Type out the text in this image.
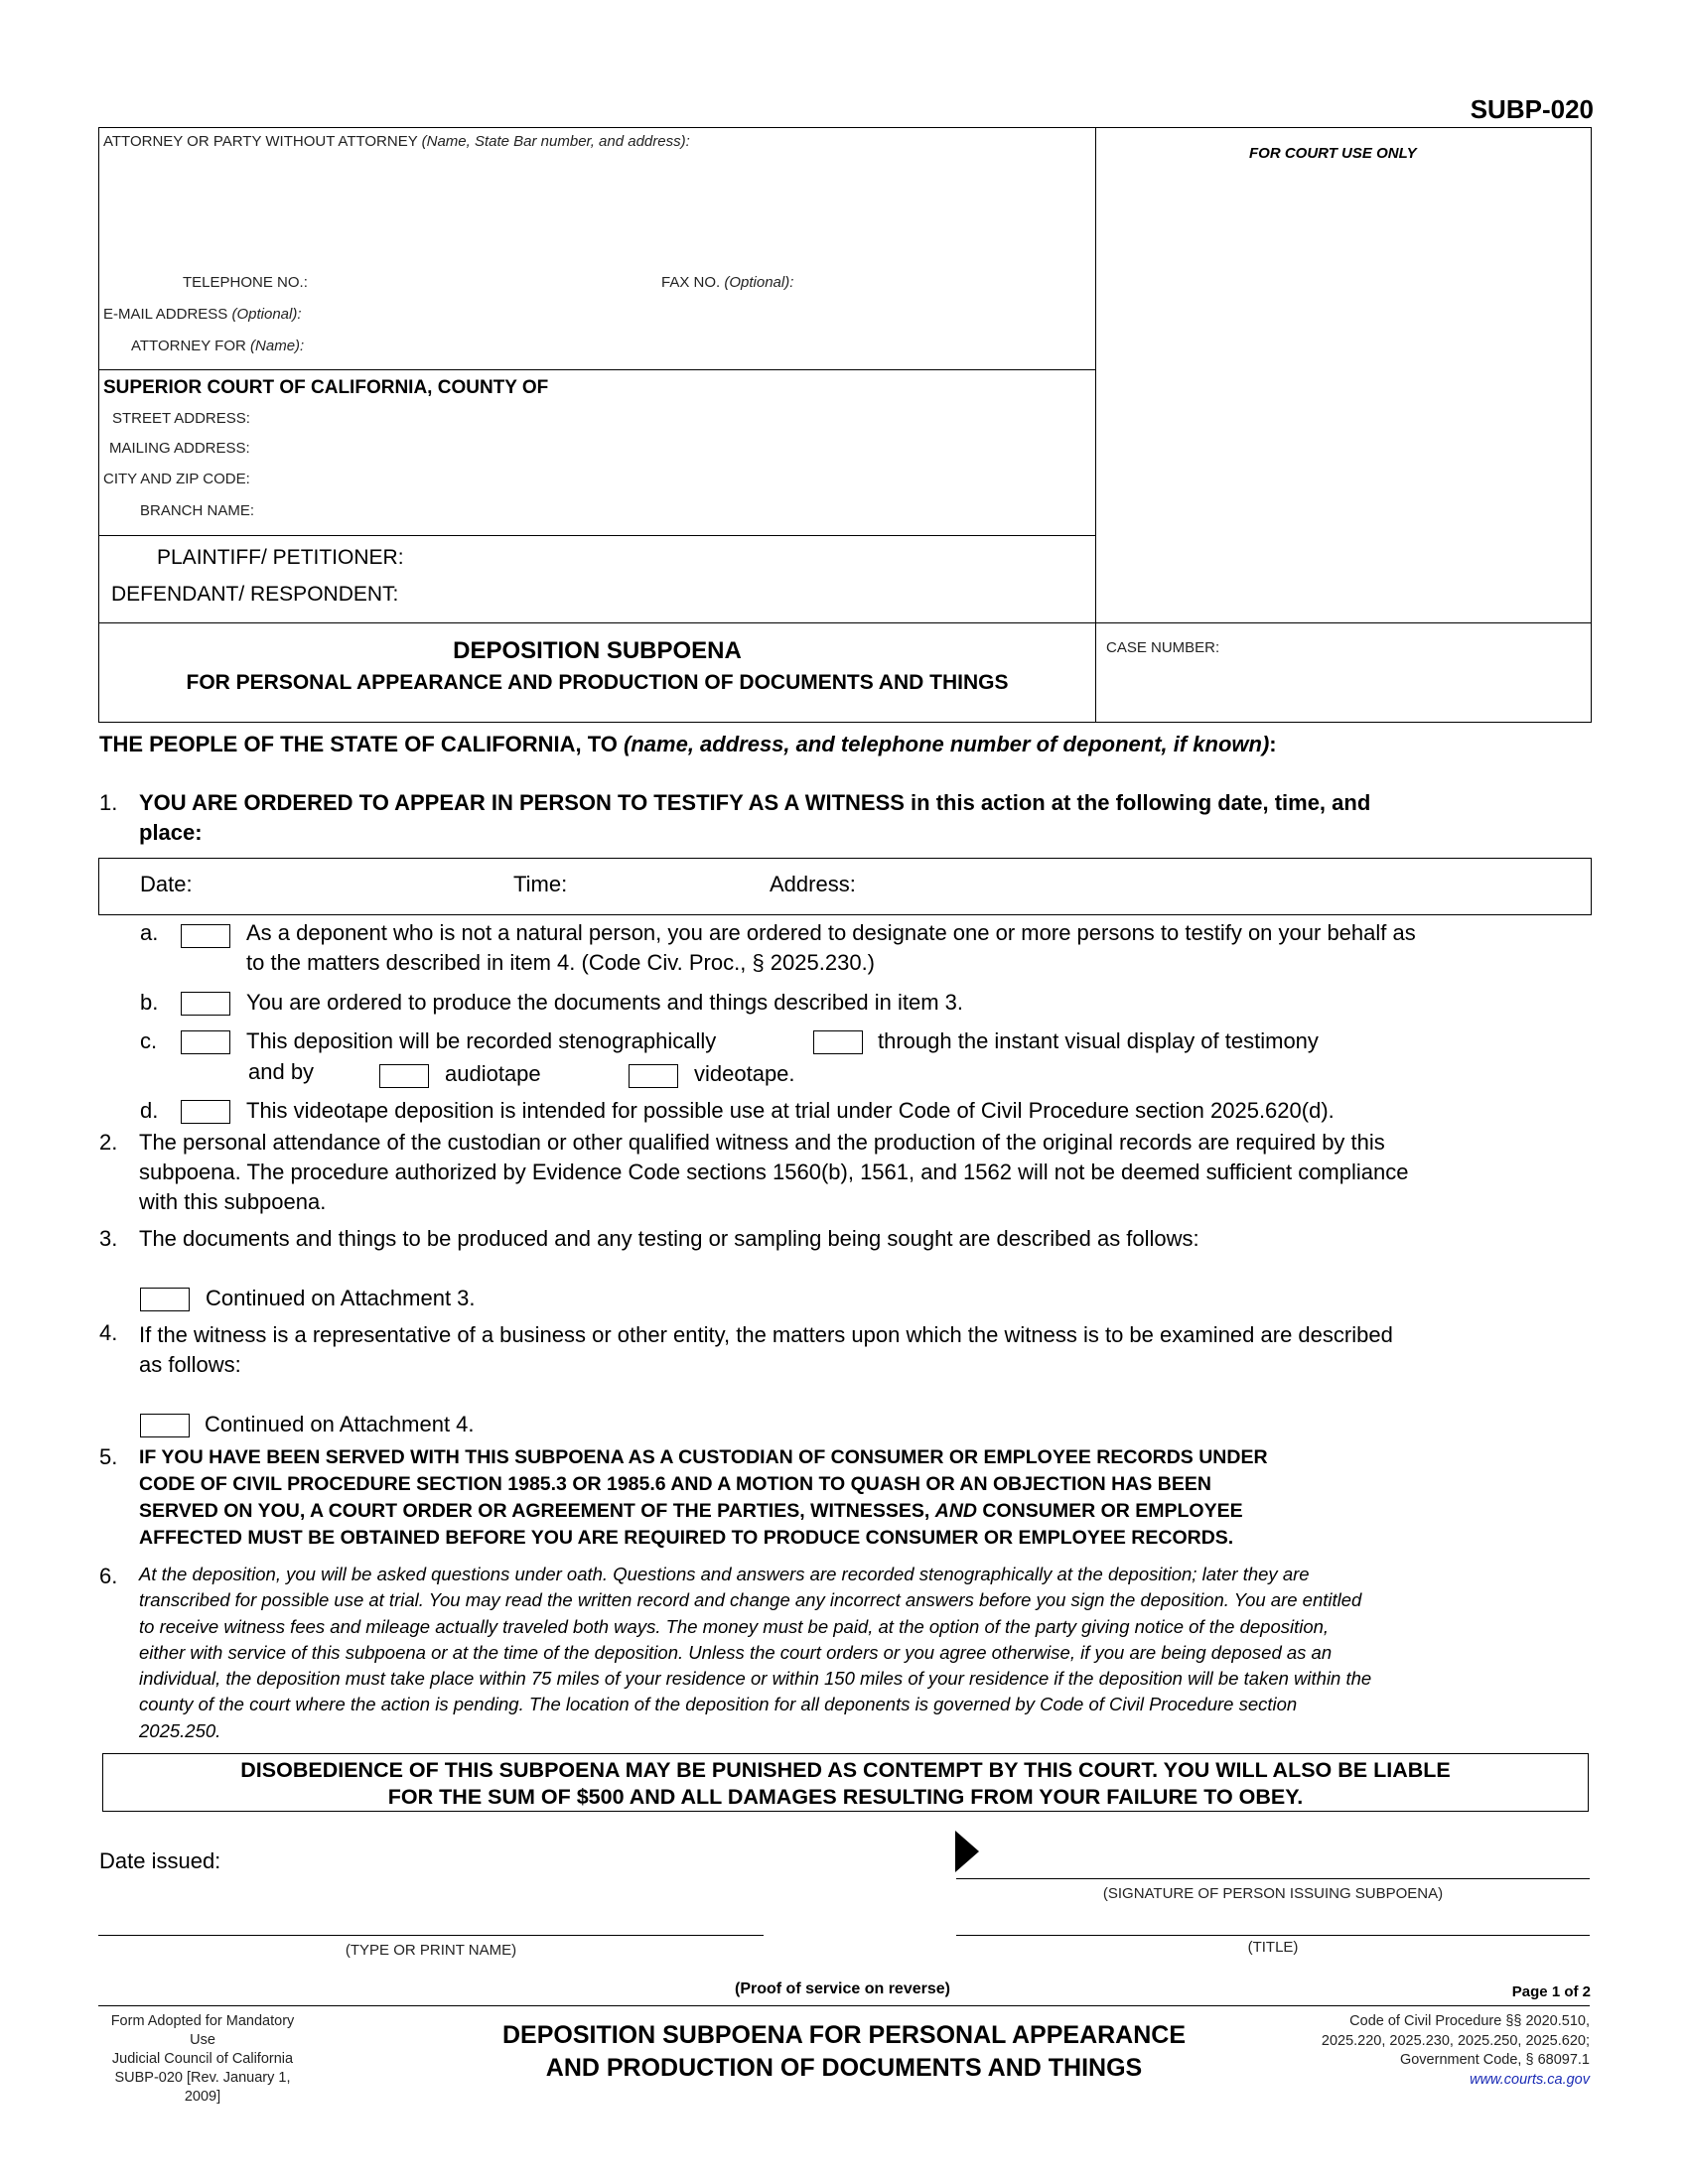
SUBP-020
ATTORNEY OR PARTY WITHOUT ATTORNEY (Name, State Bar number, and address):
FOR COURT USE ONLY
TELEPHONE NO.:	FAX NO. (Optional):
E-MAIL ADDRESS (Optional):
ATTORNEY FOR (Name):
SUPERIOR COURT OF CALIFORNIA, COUNTY OF
STREET ADDRESS:
MAILING ADDRESS:
CITY AND ZIP CODE:
BRANCH NAME:
PLAINTIFF/ PETITIONER:
DEFENDANT/ RESPONDENT:
DEPOSITION SUBPOENA
FOR PERSONAL APPEARANCE AND PRODUCTION OF DOCUMENTS AND THINGS
CASE NUMBER:
THE PEOPLE OF THE STATE OF CALIFORNIA, TO (name, address, and telephone number of deponent, if known):
1. YOU ARE ORDERED TO APPEAR IN PERSON TO TESTIFY AS A WITNESS in this action at the following date, time, and
place:
Date:	Time:	Address:
a.	As a deponent who is not a natural person, you are ordered to designate one or more persons to testify on your behalf as
to the matters described in item 4. (Code Civ. Proc., § 2025.230.)
b.	You are ordered to produce the documents and things described in item 3.
c.	This deposition will be recorded stenographically	through the instant visual display of testimony
and by	audiotape	videotape.
d.	This videotape deposition is intended for possible use at trial under Code of Civil Procedure section 2025.620(d).
2. The personal attendance of the custodian or other qualified witness and the production of the original records are required by this
subpoena. The procedure authorized by Evidence Code sections 1560(b), 1561, and 1562 will not be deemed sufficient compliance
with this subpoena.
3. The documents and things to be produced and any testing or sampling being sought are described as follows:
Continued on Attachment 3.
4. If the witness is a representative of a business or other entity, the matters upon which the witness is to be examined are described
as follows:
Continued on Attachment 4.
5. IF YOU HAVE BEEN SERVED WITH THIS SUBPOENA AS A CUSTODIAN OF CONSUMER OR EMPLOYEE RECORDS UNDER
CODE OF CIVIL PROCEDURE SECTION 1985.3 OR 1985.6 AND A MOTION TO QUASH OR AN OBJECTION HAS BEEN
SERVED ON YOU, A COURT ORDER OR AGREEMENT OF THE PARTIES, WITNESSES, AND CONSUMER OR EMPLOYEE
AFFECTED MUST BE OBTAINED BEFORE YOU ARE REQUIRED TO PRODUCE CONSUMER OR EMPLOYEE RECORDS.
6. At the deposition, you will be asked questions under oath. Questions and answers are recorded stenographically at the deposition; later they are
transcribed for possible use at trial. You may read the written record and change any incorrect answers before you sign the deposition. You are entitled
to receive witness fees and mileage actually traveled both ways. The money must be paid, at the option of the party giving notice of the deposition,
either with service of this subpoena or at the time of the deposition. Unless the court orders or you agree otherwise, if you are being deposed as an
individual, the deposition must take place within 75 miles of your residence or within 150 miles of your residence if the deposition will be taken within the
county of the court where the action is pending. The location of the deposition for all deponents is governed by Code of Civil Procedure section
2025.250.
DISOBEDIENCE OF THIS SUBPOENA MAY BE PUNISHED AS CONTEMPT BY THIS COURT. YOU WILL ALSO BE LIABLE
FOR THE SUM OF $500 AND ALL DAMAGES RESULTING FROM YOUR FAILURE TO OBEY.
Date issued:
(SIGNATURE OF PERSON ISSUING SUBPOENA)
(TYPE OR PRINT NAME)	(TITLE)
(Proof of service on reverse)	Page 1 of 2
Form Adopted for Mandatory Use
Judicial Council of California
SUBP-020 [Rev. January 1, 2009]
DEPOSITION SUBPOENA FOR PERSONAL APPEARANCE
AND PRODUCTION OF DOCUMENTS AND THINGS
Code of Civil Procedure §§ 2020.510,
2025.220, 2025.230, 2025.250, 2025.620;
Government Code, § 68097.1
www.courts.ca.gov
